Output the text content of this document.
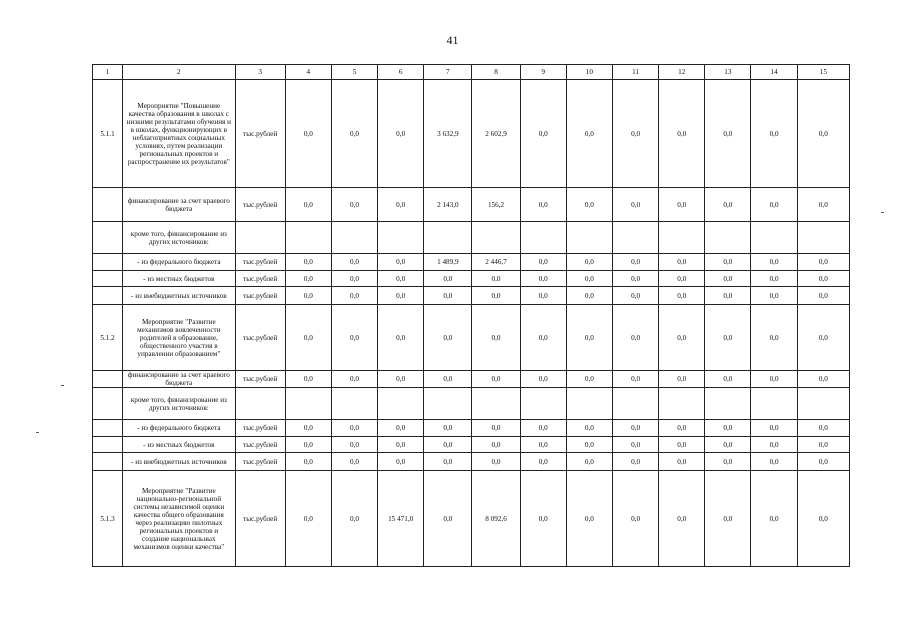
41
1	2	3	4	5	6	7	8	9	10	11	12	13	14	15
5.1.1	Мероприятие "Повышение качества образования в школах с низкими результатами обучения и в школах, функционирующих в неблагоприятных социальных условиях, путем реализации региональных проектов и распространение их результатов"	тыс.рублей	0,0	0,0	0,0	3 632,9	2 602,9	0,0	0,0	0,0	0,0	0,0	0,0	0,0
	финансирование за счет краевого бюджета	тыс.рублей	0,0	0,0	0,0	2 143,0	156,2	0,0	0,0	0,0	0,0	0,0	0,0	0,0
	кроме того, финансирование из других источников:													
	- из федерального бюджета	тыс.рублей	0,0	0,0	0,0	1 489,9	2 446,7	0,0	0,0	0,0	0,0	0,0	0,0	0,0
	- из местных бюджетов	тыс.рублей	0,0	0,0	0,0	0,0	0,0	0,0	0,0	0,0	0,0	0,0	0,0	0,0
	- из внебюджетных источников	тыс.рублей	0,0	0,0	0,0	0,0	0,0	0,0	0,0	0,0	0,0	0,0	0,0	0,0
5.1.2	Мероприятие "Развитие механизмов вовлеченности родителей в образование, общественного участия в управлении образованием"	тыс.рублей	0,0	0,0	0,0	0,0	0,0	0,0	0,0	0,0	0,0	0,0	0,0	0,0
	финансирование за счет краевого бюджета	тыс.рублей	0,0	0,0	0,0	0,0	0,0	0,0	0,0	0,0	0,0	0,0	0,0	0,0
	кроме того, финансирование из других источников:													
	- из федерального бюджета	тыс.рублей	0,0	0,0	0,0	0,0	0,0	0,0	0,0	0,0	0,0	0,0	0,0	0,0
	- из местных бюджетов	тыс.рублей	0,0	0,0	0,0	0,0	0,0	0,0	0,0	0,0	0,0	0,0	0,0	0,0
	- из внебюджетных источников	тыс.рублей	0,0	0,0	0,0	0,0	0,0	0,0	0,0	0,0	0,0	0,0	0,0	0,0
5.1.3	Мероприятие "Развитие национально-региональной системы независимой оценки качества общего образования через реализацию пилотных региональных проектов и создание национальных механизмов оценки качества"	тыс.рублей	0,0	0,0	15 471,0	0,0	8 092,6	0,0	0,0	0,0	0,0	0,0	0,0	0,0
